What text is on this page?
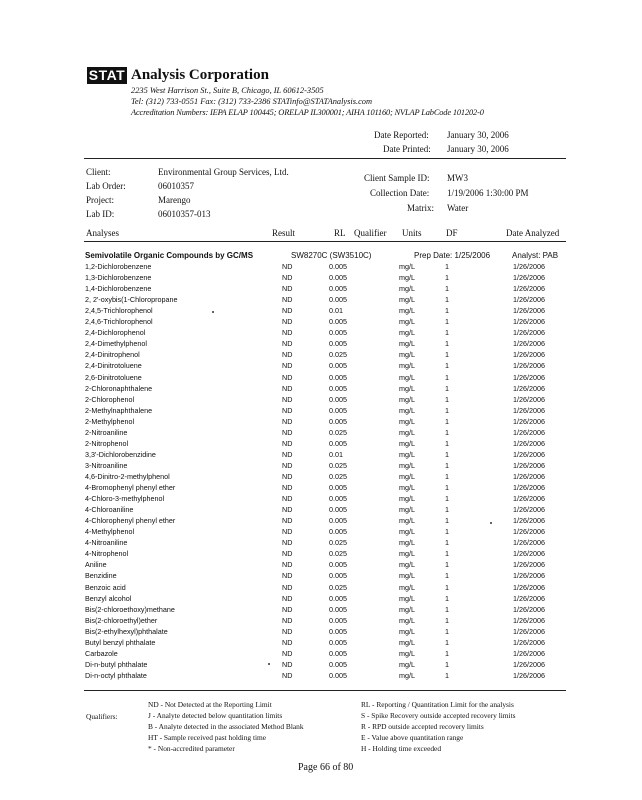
STAT Analysis Corporation
2235 West Harrison St., Suite B, Chicago, IL 60612-3505
Tel: (312) 733-0551 Fax: (312) 733-2386 STATinfo@STATAnalysis.com
Accreditation Numbers: IEPA ELAP 100445; ORELAP IL300001; AIHA 101160; NVLAP LabCode 101202-0
Date Reported: January 30, 2006
Date Printed: January 30, 2006
Client:	Environmental Group Services, Ltd.
Lab Order:	06010357
Project:	Marengo
Lab ID:	06010357-013
Client Sample ID: MW3
Collection Date: 1/19/2006 1:30:00 PM
Matrix: Water
Analyses	Result	RL Qualifier Units	DF	Date Analyzed
Semivolatile Organic Compounds by GC/MS	SW8270C (SW3510C)	Prep Date: 1/25/2006	Analyst: PAB
1,2-Dichlorobenzene	ND	0.005	mg/L	1	1/26/2006
1,3-Dichlorobenzene	ND	0.005	mg/L	1	1/26/2006
1,4-Dichlorobenzene	ND	0.005	mg/L	1	1/26/2006
2, 2'-oxybis(1-Chloropropane	ND	0.005	mg/L	1	1/26/2006
2,4,5-Trichlorophenol	ND	0.01	mg/L	1	1/26/2006
2,4,6-Trichlorophenol	ND	0.005	mg/L	1	1/26/2006
2,4-Dichlorophenol	ND	0.005	mg/L	1	1/26/2006
2,4-Dimethylphenol	ND	0.005	mg/L	1	1/26/2006
2,4-Dinitrophenol	ND	0.025	mg/L	1	1/26/2006
2,4-Dinitrotoluene	ND	0.005	mg/L	1	1/26/2006
2,6-Dinitrotoluene	ND	0.005	mg/L	1	1/26/2006
2-Chloronaphthalene	ND	0.005	mg/L	1	1/26/2006
2-Chlorophenol	ND	0.005	mg/L	1	1/26/2006
2-Methylnaphthalene	ND	0.005	mg/L	1	1/26/2006
2-Methylphenol	ND	0.005	mg/L	1	1/26/2006
2-Nitroaniline	ND	0.025	mg/L	1	1/26/2006
2-Nitrophenol	ND	0.005	mg/L	1	1/26/2006
3,3'-Dichlorobenzidine	ND	0.01	mg/L	1	1/26/2006
3-Nitroaniline	ND	0.025	mg/L	1	1/26/2006
4,6-Dinitro-2-methylphenol	ND	0.025	mg/L	1	1/26/2006
4-Bromophenyl phenyl ether	ND	0.005	mg/L	1	1/26/2006
4-Chloro-3-methylphenol	ND	0.005	mg/L	1	1/26/2006
4-Chloroaniline	ND	0.005	mg/L	1	1/26/2006
4-Chlorophenyl phenyl ether	ND	0.005	mg/L	1	1/26/2006
4-Methylphenol	ND	0.005	mg/L	1	1/26/2006
4-Nitroaniline	ND	0.025	mg/L	1	1/26/2006
4-Nitrophenol	ND	0.025	mg/L	1	1/26/2006
Aniline	ND	0.005	mg/L	1	1/26/2006
Benzidine	ND	0.005	mg/L	1	1/26/2006
Benzoic acid	ND	0.025	mg/L	1	1/26/2006
Benzyl alcohol	ND	0.005	mg/L	1	1/26/2006
Bis(2-chloroethoxy)methane	ND	0.005	mg/L	1	1/26/2006
Bis(2-chloroethyl)ether	ND	0.005	mg/L	1	1/26/2006
Bis(2-ethylhexyl)phthalate	ND	0.005	mg/L	1	1/26/2006
Butyl benzyl phthalate	ND	0.005	mg/L	1	1/26/2006
Carbazole	ND	0.005	mg/L	1	1/26/2006
Di-n-butyl phthalate	ND	0.005	mg/L	1	1/26/2006
Di-n-octyl phthalate	ND	0.005	mg/L	1	1/26/2006
Qualifiers:
ND - Not Detected at the Reporting Limit
J - Analyte detected below quantitation limits
B - Analyte detected in the associated Method Blank
HT - Sample received past holding time
* - Non-accredited parameter
RL - Reporting / Quantitation Limit for the analysis
S - Spike Recovery outside accepted recovery limits
R - RPD outside accepted recovery limits
E - Value above quantitation range
H - Holding time exceeded
Page 66 of 80
